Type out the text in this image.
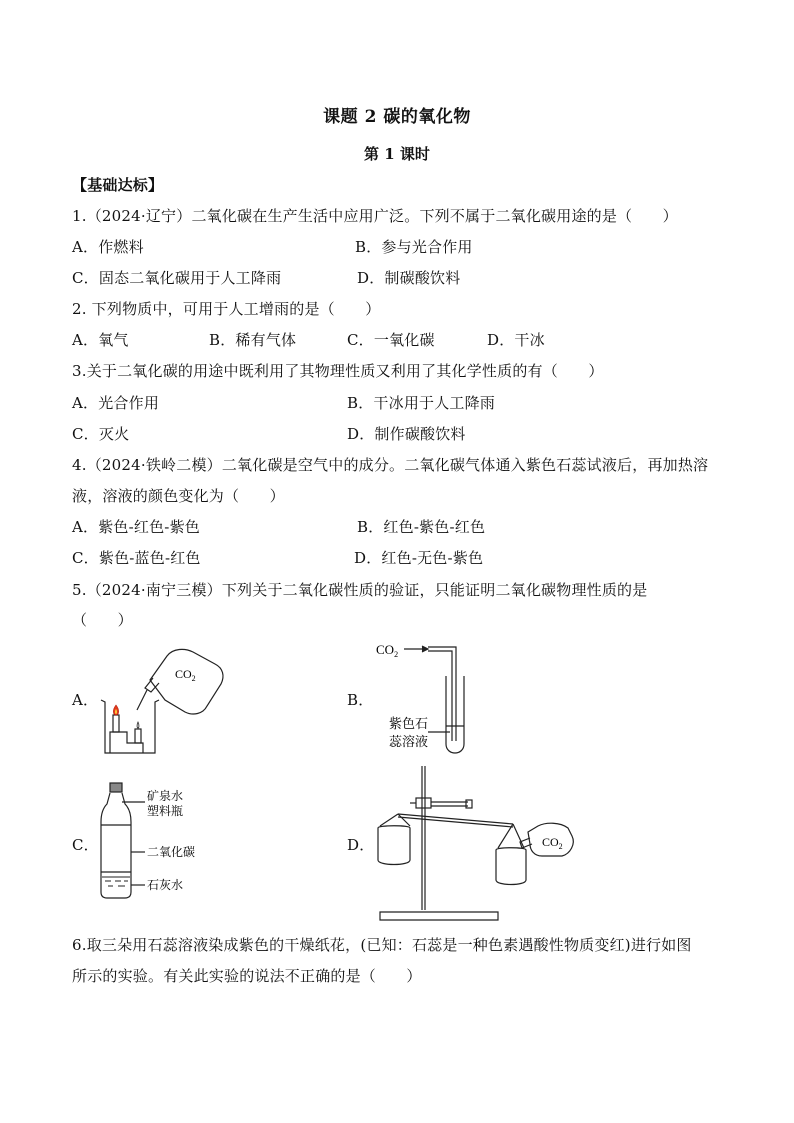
课题 2 碳的氧化物
第 1 课时
【基础达标】
1.（2024·辽宁）二氧化碳在生产生活中应用广泛。下列不属于二氧化碳用途的是（　　）
A．作燃料	B．参与光合作用
C．固态二氧化碳用于人工降雨	D．制碳酸饮料
2. 下列物质中，可用于人工增雨的是（　　）
A．氧气	B．稀有气体	C．一氧化碳	D．干冰
3.关于二氧化碳的用途中既利用了其物理性质又利用了其化学性质的有（　　）
A．光合作用	B．干冰用于人工降雨
C．灭火	D．制作碳酸饮料
4.（2024·铁岭二模）二氧化碳是空气中的成分。二氧化碳气体通入紫色石蕊试液后，再加热溶
液，溶液的颜色变化为（　　）
A．紫色-红色-紫色	B．红色-紫色-红色
C．紫色-蓝色-红色	D．红色-无色-紫色
5.（2024·南宁三模）下列关于二氧化碳性质的验证，只能证明二氧化碳物理性质的是
（　　）
A．	B．
C．	D．
$CO_2$
$CO_2$
紫色石
蕊溶液
矿泉水
塑料瓶
二氧化碳
石灰水
$CO_2$
6.取三朵用石蕊溶液染成紫色的干燥纸花，(已知：石蕊是一种色素遇酸性物质变红)进行如图
所示的实验。有关此实验的说法不正确的是（　　）
